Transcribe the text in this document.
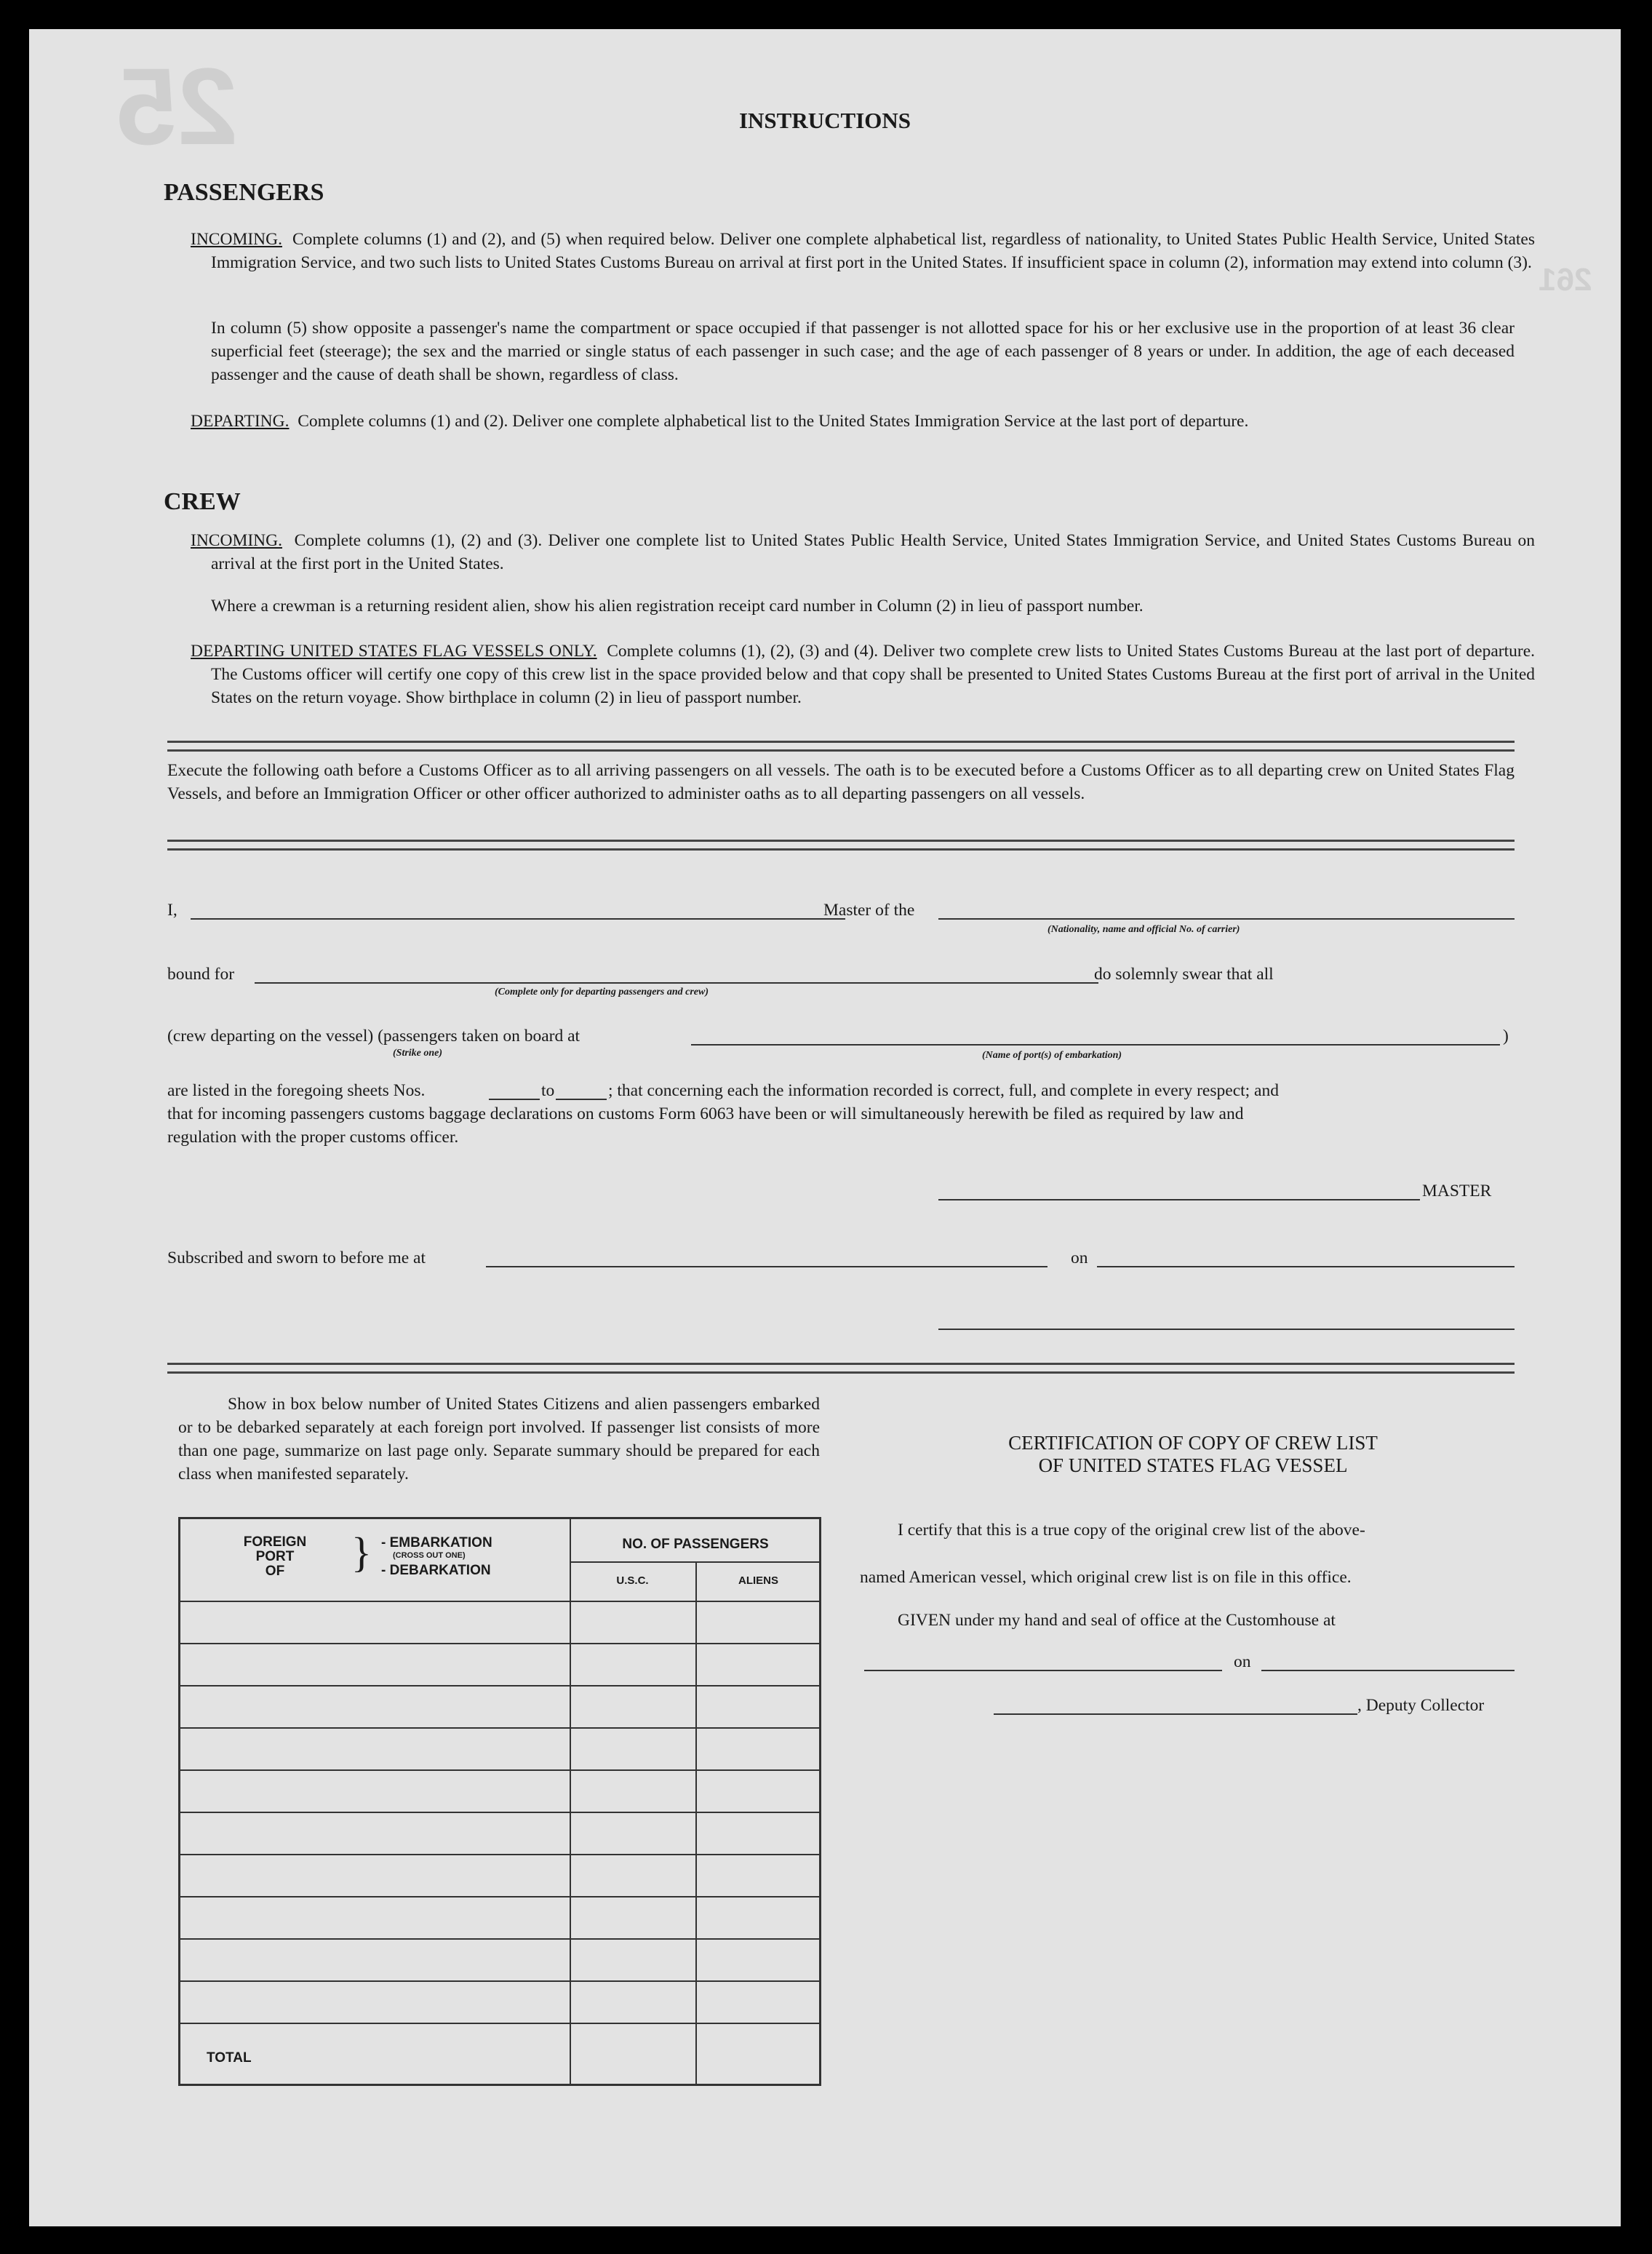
25
261
INSTRUCTIONS
PASSENGERS
INCOMING. Complete columns (1) and (2), and (5) when required below. Deliver one complete alphabetical list, regardless of nationality, to United States Public Health Service, United States Immigration Service, and two such lists to United States Customs Bureau on arrival at first port in the United States. If insufficient space in column (2), information may extend into column (3).
In column (5) show opposite a passenger's name the compartment or space occupied if that passenger is not allotted space for his or her exclusive use in the proportion of at least 36 clear superficial feet (steerage); the sex and the married or single status of each passenger in such case; and the age of each passenger of 8 years or under. In addition, the age of each deceased passenger and the cause of death shall be shown, regardless of class.
DEPARTING. Complete columns (1) and (2). Deliver one complete alphabetical list to the United States Immigration Service at the last port of departure.
CREW
INCOMING. Complete columns (1), (2) and (3). Deliver one complete list to United States Public Health Service, United States Immigration Service, and United States Customs Bureau on arrival at the first port in the United States.
Where a crewman is a returning resident alien, show his alien registration receipt card number in Column (2) in lieu of passport number.
DEPARTING UNITED STATES FLAG VESSELS ONLY. Complete columns (1), (2), (3) and (4). Deliver two complete crew lists to United States Customs Bureau at the last port of departure. The Customs officer will certify one copy of this crew list in the space provided below and that copy shall be presented to United States Customs Bureau at the first port of arrival in the United States on the return voyage. Show birthplace in column (2) in lieu of passport number.
Execute the following oath before a Customs Officer as to all arriving passengers on all vessels. The oath is to be executed before a Customs Officer as to all departing crew on United States Flag Vessels, and before an Immigration Officer or other officer authorized to administer oaths as to all departing passengers on all vessels.
I,	Master of the
(Nationality, name and official No. of carrier)
bound for	do solemnly swear that all
(Complete only for departing passengers and crew)
(crew departing on the vessel) (passengers taken on board at
(Strike one)
)
(Name of port(s) of embarkation)
are listed in the foregoing sheets Nos.	to	; that concerning each the information recorded is correct, full, and complete in every respect; and
that for incoming passengers customs baggage declarations on customs Form 6063 have been or will simultaneously herewith be filed as required by law and
regulation with the proper customs officer.
MASTER
Subscribed and sworn to before me at	on
Show in box below number of United States Citizens and alien passengers embarked or to be debarked separately at each foreign port involved. If passenger list consists of more than one page, summarize on last page only. Separate summary should be prepared for each class when manifested separately.
FOREIGN
PORT
OF	} - EMBARKATION
(CROSS OUT ONE)
- DEBARKATION
NO. OF PASSENGERS
U.S.C.	ALIENS
TOTAL
CERTIFICATION OF COPY OF CREW LIST
OF UNITED STATES FLAG VESSEL
I certify that this is a true copy of the original crew list of the above-
named American vessel, which original crew list is on file in this office.
GIVEN under my hand and seal of office at the Customhouse at
on
, Deputy Collector
